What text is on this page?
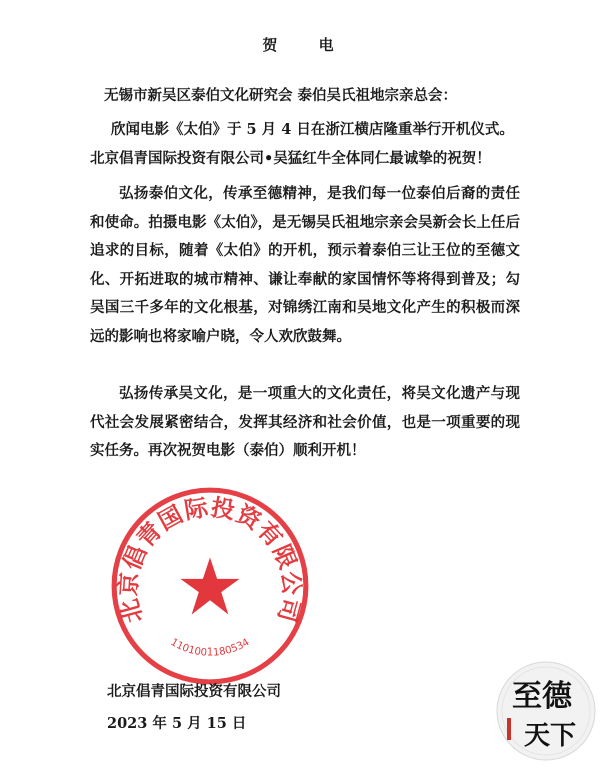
贺 电
无锡市新吴区泰伯文化研究会 泰伯吴氏祖地宗亲总会：
欣闻电影《太伯》于 5 月 4 日在浙江横店隆重举行开机仪式。
北京倡青国际投资有限公司•吴猛红牛全体同仁最诚挚的祝贺！
弘扬泰伯文化，传承至德精神，是我们每一位泰伯后裔的责任和使命。拍摄电影《太伯》，是无锡吴氏祖地宗亲会吴新会长上任后追求的目标，随着《太伯》的开机，预示着泰伯三让王位的至德文化、开拓进取的城市精神、谦让奉献的家国情怀等将得到普及；勾吴国三千多年的文化根基，对锦绣江南和吴地文化产生的积极而深远的影响也将家喻户晓，令人欢欣鼓舞。
弘扬传承吴文化，是一项重大的文化责任，将吴文化遗产与现代社会发展紧密结合，发挥其经济和社会价值，也是一项重要的现实任务。再次祝贺电影（泰伯）顺利开机！
北京倡青国际投资有限公司
1101001180534
北京倡青国际投资有限公司
2023 年 5 月 15 日
至德
天下
